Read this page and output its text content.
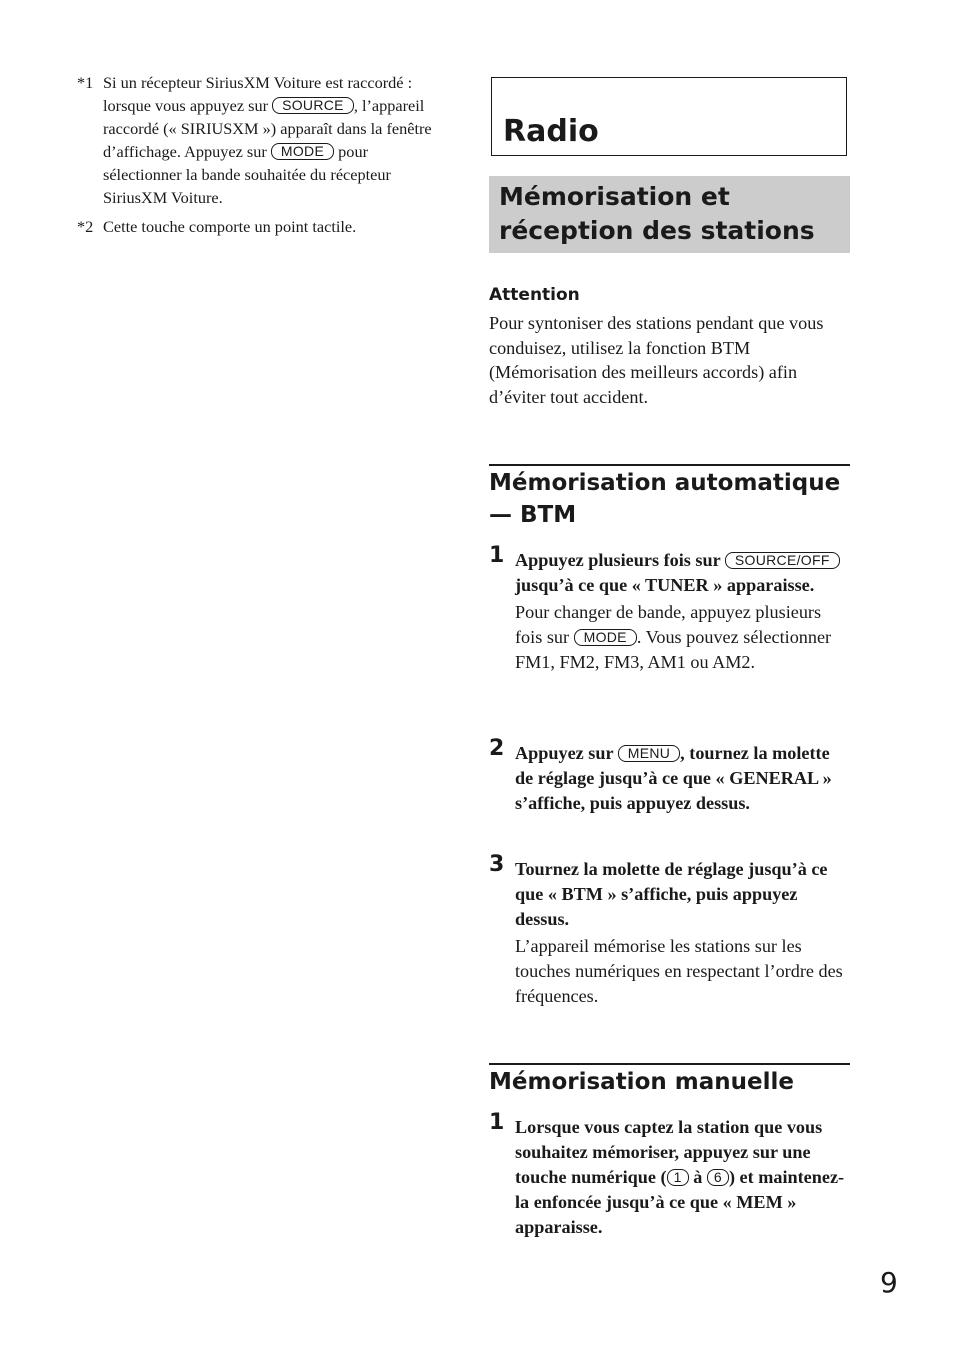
*1 Si un récepteur SiriusXM Voiture est raccordé : lorsque vous appuyez sur SOURCE , l’appareil raccordé (« SIRIUSXM ») apparaît dans la fenêtre d’affichage. Appuyez sur MODE pour sélectionner la bande souhaitée du récepteur SiriusXM Voiture.
*2 Cette touche comporte un point tactile.
Radio
Mémorisation et réception des stations
Attention

Pour syntoniser des stations pendant que vous conduisez, utilisez la fonction BTM (Mémorisation des meilleurs accords) afin d’éviter tout accident.

Mémorisation automatique — BTM
1 Appuyez plusieurs fois sur SOURCE/OFF jusqu’à ce que « TUNER » apparaisse.

Pour changer de bande, appuyez plusieurs fois sur MODE . Vous pouvez sélectionner FM1, FM2, FM3, AM1 ou AM2.

2 Appuyez sur MENU , tournez la molette de réglage jusqu’à ce que « GENERAL » s’affiche, puis appuyez dessus.

3 Tournez la molette de réglage jusqu’à ce que « BTM » s’affiche, puis appuyez dessus.

L’appareil mémorise les stations sur les touches numériques en respectant l’ordre des fréquences.

Mémorisation manuelle
1 Lorsque vous captez la station que vous souhaitez mémoriser, appuyez sur une touche numérique ( 1 à 6 ) et maintenez-la enfoncée jusqu’à ce que « MEM » apparaisse.

9
